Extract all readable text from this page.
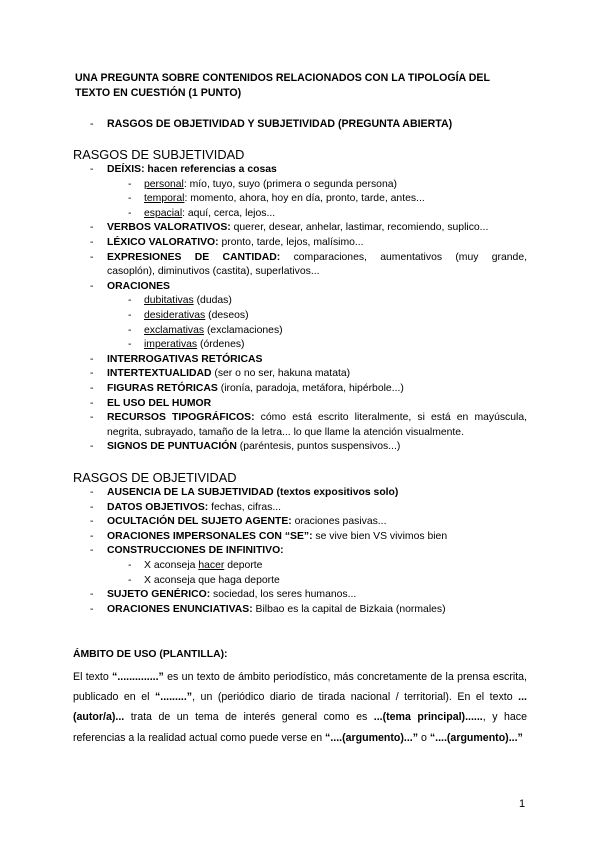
UNA PREGUNTA SOBRE CONTENIDOS RELACIONADOS CON LA TIPOLOGÍA DEL
TEXTO EN CUESTIÓN (1 PUNTO)
- RASGOS DE OBJETIVIDAD Y SUBJETIVIDAD (PREGUNTA ABIERTA)
RASGOS DE SUBJETIVIDAD
-	DEÍXIS: hacen referencias a cosas
-	personal: mío, tuyo, suyo (primera o segunda persona)
-	temporal: momento, ahora, hoy en día, pronto, tarde, antes...
-	espacial: aquí, cerca, lejos...
-	VERBOS VALORATIVOS: querer, desear, anhelar, lastimar, recomiendo, suplico...
-	LÉXICO VALORATIVO: pronto, tarde, lejos, malísimo...
-	EXPRESIONES DE CANTIDAD: comparaciones, aumentativos (muy grande,
casoplón), diminutivos (castita), superlativos...
-	ORACIONES
-	dubitativas (dudas)
-	desiderativas (deseos)
-	exclamativas (exclamaciones)
-	imperativas (órdenes)
-	INTERROGATIVAS RETÓRICAS
-	INTERTEXTUALIDAD (ser o no ser, hakuna matata)
-	FIGURAS RETÓRICAS (ironía, paradoja, metáfora, hipérbole...)
-	EL USO DEL HUMOR
-	RECURSOS TIPOGRÁFICOS: cómo está escrito literalmente, si está en mayúscula,
negrita, subrayado, tamaño de la letra... lo que llame la atención visualmente.
-	SIGNOS DE PUNTUACIÓN (paréntesis, puntos suspensivos...)
RASGOS DE OBJETIVIDAD
-	AUSENCIA DE LA SUBJETIVIDAD (textos expositivos solo)
-	DATOS OBJETIVOS: fechas, cifras...
-	OCULTACIÓN DEL SUJETO AGENTE: oraciones pasivas...
-	ORACIONES IMPERSONALES CON “SE”: se vive bien VS vivimos bien
-	CONSTRUCCIONES DE INFINITIVO:
-	X aconseja hacer deporte
-	X aconseja que haga deporte
-	SUJETO GENÉRICO: sociedad, los seres humanos...
-	ORACIONES ENUNCIATIVAS: Bilbao es la capital de Bizkaia (normales)
ÁMBITO DE USO (PLANTILLA):
El texto “..............” es un texto de ámbito periodístico, más concretamente de la prensa escrita, publicado en el “.........”, un (periódico diario de tirada nacional / territorial). En el texto ...(autor/a)... trata de un tema de interés general como es ...(tema principal)......, y hace referencias a la realidad actual como puede verse en “....(argumento)...” o “....(argumento)...”
1
